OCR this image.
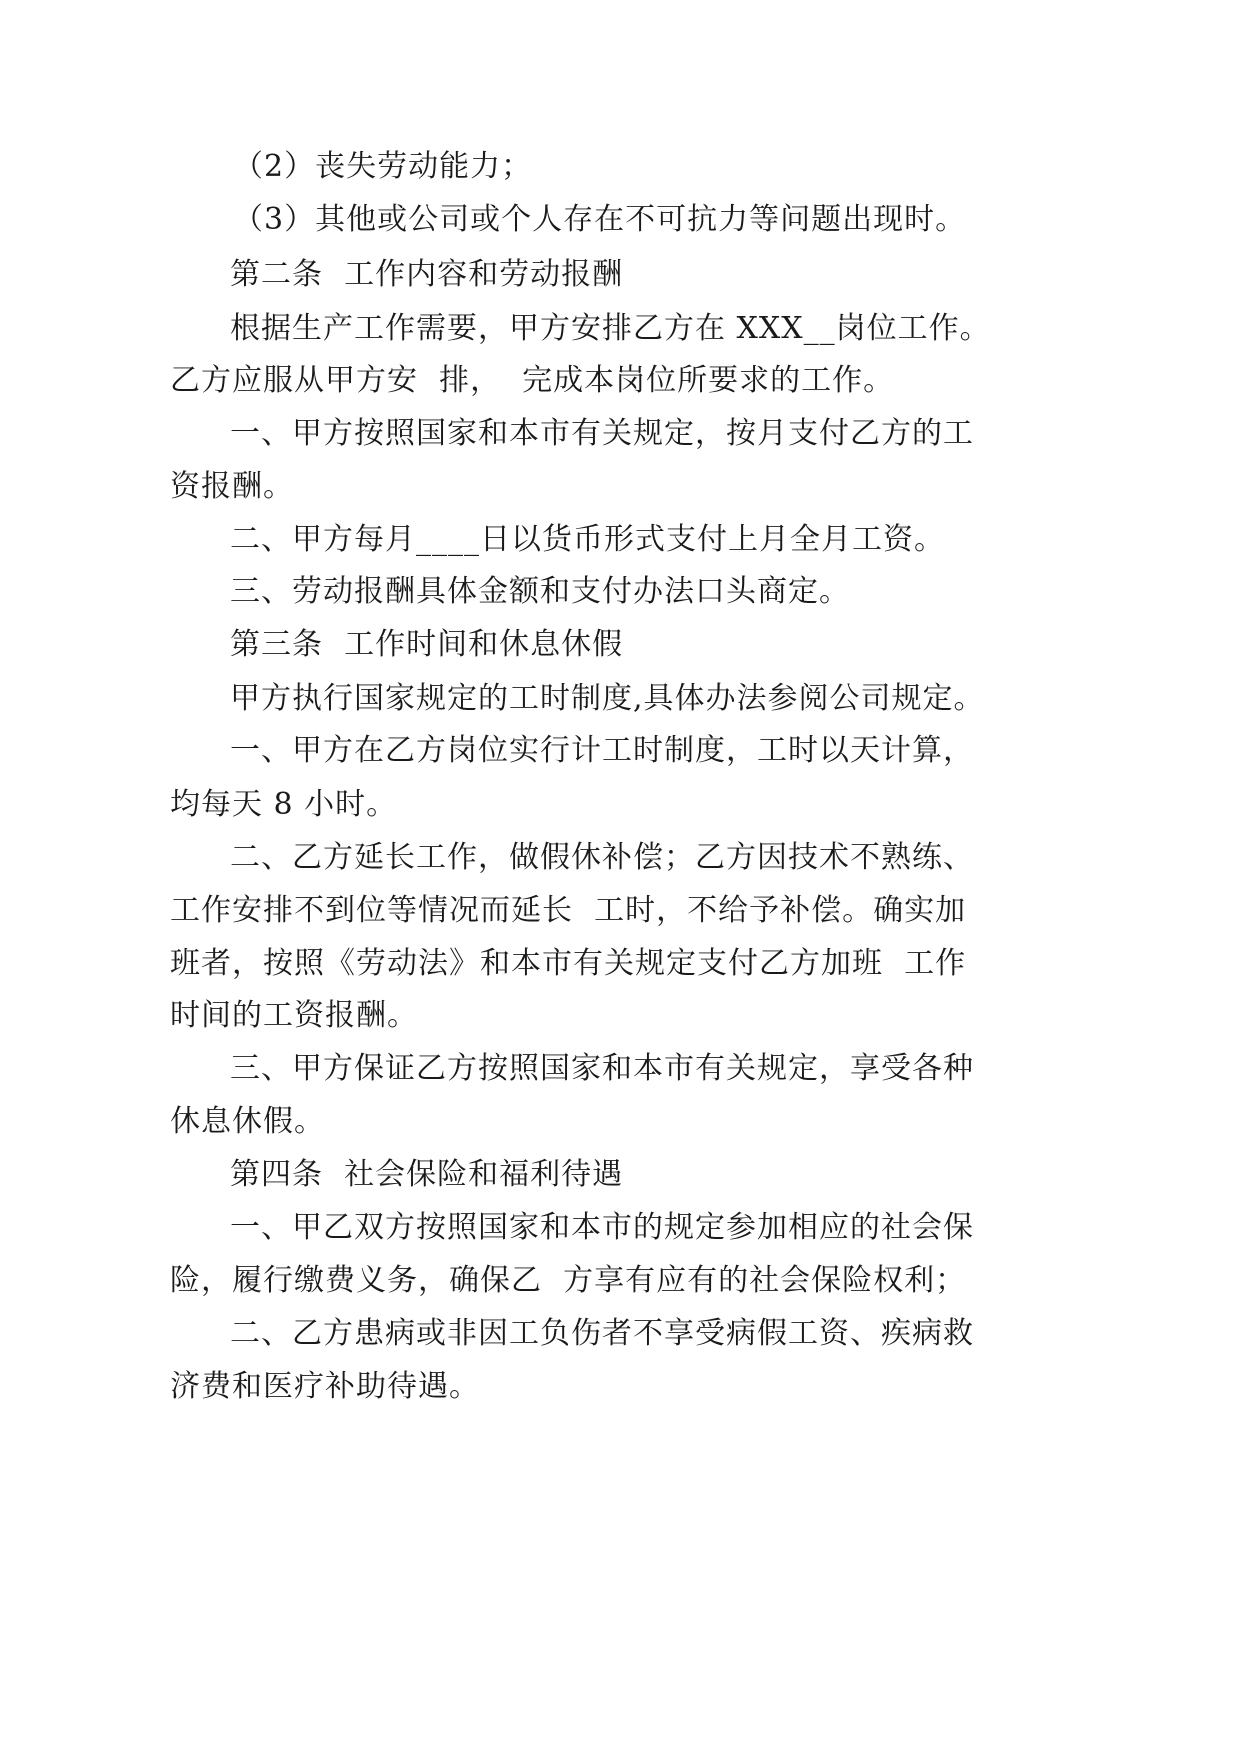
（2）丧失劳动能力；
（3）其他或公司或个人存在不可抗力等问题出现时。
第二条  工作内容和劳动报酬
根据生产工作需要，甲方安排乙方在 XXX__岗位工作。
乙方应服从甲方安  排，  完成本岗位所要求的工作。
一、甲方按照国家和本市有关规定，按月支付乙方的工
资报酬。
二、甲方每月____日以货币形式支付上月全月工资。
三、劳动报酬具体金额和支付办法口头商定。
第三条  工作时间和休息休假
甲方执行国家规定的工时制度,具体办法参阅公司规定。
一、甲方在乙方岗位实行计工时制度，工时以天计算，
均每天 8 小时。
二、乙方延长工作，做假休补偿；乙方因技术不熟练、
工作安排不到位等情况而延长  工时，不给予补偿。确实加
班者，按照《劳动法》和本市有关规定支付乙方加班  工作
时间的工资报酬。
三、甲方保证乙方按照国家和本市有关规定，享受各种
休息休假。
第四条  社会保险和福利待遇
一、甲乙双方按照国家和本市的规定参加相应的社会保
险，履行缴费义务，确保乙  方享有应有的社会保险权利；
二、乙方患病或非因工负伤者不享受病假工资、疾病救
济费和医疗补助待遇。
